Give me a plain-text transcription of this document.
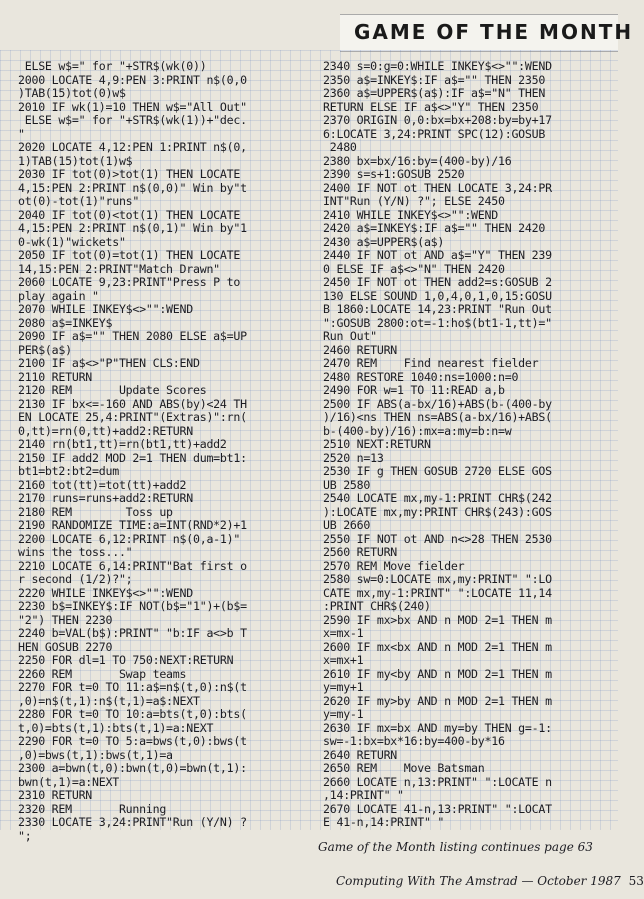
GAME OF THE MONTH
ELSE w$=" for "+STR$(wk(0))
2000 LOCATE 4,9:PEN 3:PRINT n$(0,0
)TAB(15)tot(0)w$
2010 IF wk(1)=10 THEN w$="All Out"
ELSE w$=" for "+STR$(wk(1))+"dec.
"
2020 LOCATE 4,12:PEN 1:PRINT n$(0,
1)TAB(15)tot(1)w$
2030 IF tot(0)>tot(1) THEN LOCATE
4,15:PEN 2:PRINT n$(0,0)" Win by"t
ot(0)-tot(1)"runs"
2040 IF tot(0)<tot(1) THEN LOCATE
4,15:PEN 2:PRINT n$(0,1)" Win by"1
0-wk(1)"wickets"
2050 IF tot(0)=tot(1) THEN LOCATE
14,15:PEN 2:PRINT"Match Drawn"
2060 LOCATE 9,23:PRINT"Press P to
play again "
2070 WHILE INKEY$<>"":WEND
2080 a$=INKEY$
2090 IF a$="" THEN 2080 ELSE a$=UP
PER$(a$)
2100 IF a$<>"P"THEN CLS:END
2110 RETURN
2120 REM       Update Scores
2130 IF bx<=-160 AND ABS(by)<24 TH
EN LOCATE 25,4:PRINT"(Extras)":rn(
0,tt)=rn(0,tt)+add2:RETURN
2140 rn(bt1,tt)=rn(bt1,tt)+add2
2150 IF add2 MOD 2=1 THEN dum=bt1:
bt1=bt2:bt2=dum
2160 tot(tt)=tot(tt)+add2
2170 runs=runs+add2:RETURN
2180 REM        Toss up
2190 RANDOMIZE TIME:a=INT(RND*2)+1
2200 LOCATE 6,12:PRINT n$(0,a-1)"
wins the toss..."
2210 LOCATE 6,14:PRINT"Bat first o
r second (1/2)?";
2220 WHILE INKEY$<>"":WEND
2230 b$=INKEY$:IF NOT(b$="1")+(b$=
"2") THEN 2230
2240 b=VAL(b$):PRINT" "b:IF a<>b T
HEN GOSUB 2270
2250 FOR dl=1 TO 750:NEXT:RETURN
2260 REM       Swap teams
2270 FOR t=0 TO 11:a$=n$(t,0):n$(t
,0)=n$(t,1):n$(t,1)=a$:NEXT
2280 FOR t=0 TO 10:a=bts(t,0):bts(
t,0)=bts(t,1):bts(t,1)=a:NEXT
2290 FOR t=0 TO 5:a=bws(t,0):bws(t
,0)=bws(t,1):bws(t,1)=a
2300 a=bwn(t,0):bwn(t,0)=bwn(t,1):
bwn(t,1)=a:NEXT
2310 RETURN
2320 REM       Running
2330 LOCATE 3,24:PRINT"Run (Y/N) ?
";
2340 s=0:g=0:WHILE INKEY$<>"":WEND
2350 a$=INKEY$:IF a$="" THEN 2350
2360 a$=UPPER$(a$):IF a$="N" THEN
RETURN ELSE IF a$<>"Y" THEN 2350
2370 ORIGIN 0,0:bx=bx+208:by=by+17
6:LOCATE 3,24:PRINT SPC(12):GOSUB
2480
2380 bx=bx/16:by=(400-by)/16
2390 s=s+1:GOSUB 2520
2400 IF NOT ot THEN LOCATE 3,24:PR
INT"Run (Y/N) ?"; ELSE 2450
2410 WHILE INKEY$<>"":WEND
2420 a$=INKEY$:IF a$="" THEN 2420
2430 a$=UPPER$(a$)
2440 IF NOT ot AND a$="Y" THEN 239
0 ELSE IF a$<>"N" THEN 2420
2450 IF NOT ot THEN add2=s:GOSUB 2
130 ELSE SOUND 1,0,4,0,1,0,15:GOSU
B 1860:LOCATE 14,23:PRINT "Run Out
":GOSUB 2800:ot=-1:ho$(bt1-1,tt)="
Run Out"
2460 RETURN
2470 REM    Find nearest fielder
2480 RESTORE 1040:ns=1000:n=0
2490 FOR w=1 TO 11:READ a,b
2500 IF ABS(a-bx/16)+ABS(b-(400-by
)/16)<ns THEN ns=ABS(a-bx/16)+ABS(
b-(400-by)/16):mx=a:my=b:n=w
2510 NEXT:RETURN
2520 n=13
2530 IF g THEN GOSUB 2720 ELSE GOS
UB 2580
2540 LOCATE mx,my-1:PRINT CHR$(242
):LOCATE mx,my:PRINT CHR$(243):GOS
UB 2660
2550 IF NOT ot AND n<>28 THEN 2530
2560 RETURN
2570 REM Move fielder
2580 sw=0:LOCATE mx,my:PRINT" ":LO
CATE mx,my-1:PRINT" ":LOCATE 11,14
:PRINT CHR$(240)
2590 IF mx>bx AND n MOD 2=1 THEN m
x=mx-1
2600 IF mx<bx AND n MOD 2=1 THEN m
x=mx+1
2610 IF my<by AND n MOD 2=1 THEN m
y=my+1
2620 IF my>by AND n MOD 2=1 THEN m
y=my-1
2630 IF mx=bx AND my=by THEN g=-1:
sw=-1:bx=bx*16:by=400-by*16
2640 RETURN
2650 REM    Move Batsman
2660 LOCATE n,13:PRINT" ":LOCATE n
,14:PRINT" "
2670 LOCATE 41-n,13:PRINT" ":LOCAT
E 41-n,14:PRINT" "
Game of the Month listing continues page 63
Computing With The Amstrad — October 1987 53
